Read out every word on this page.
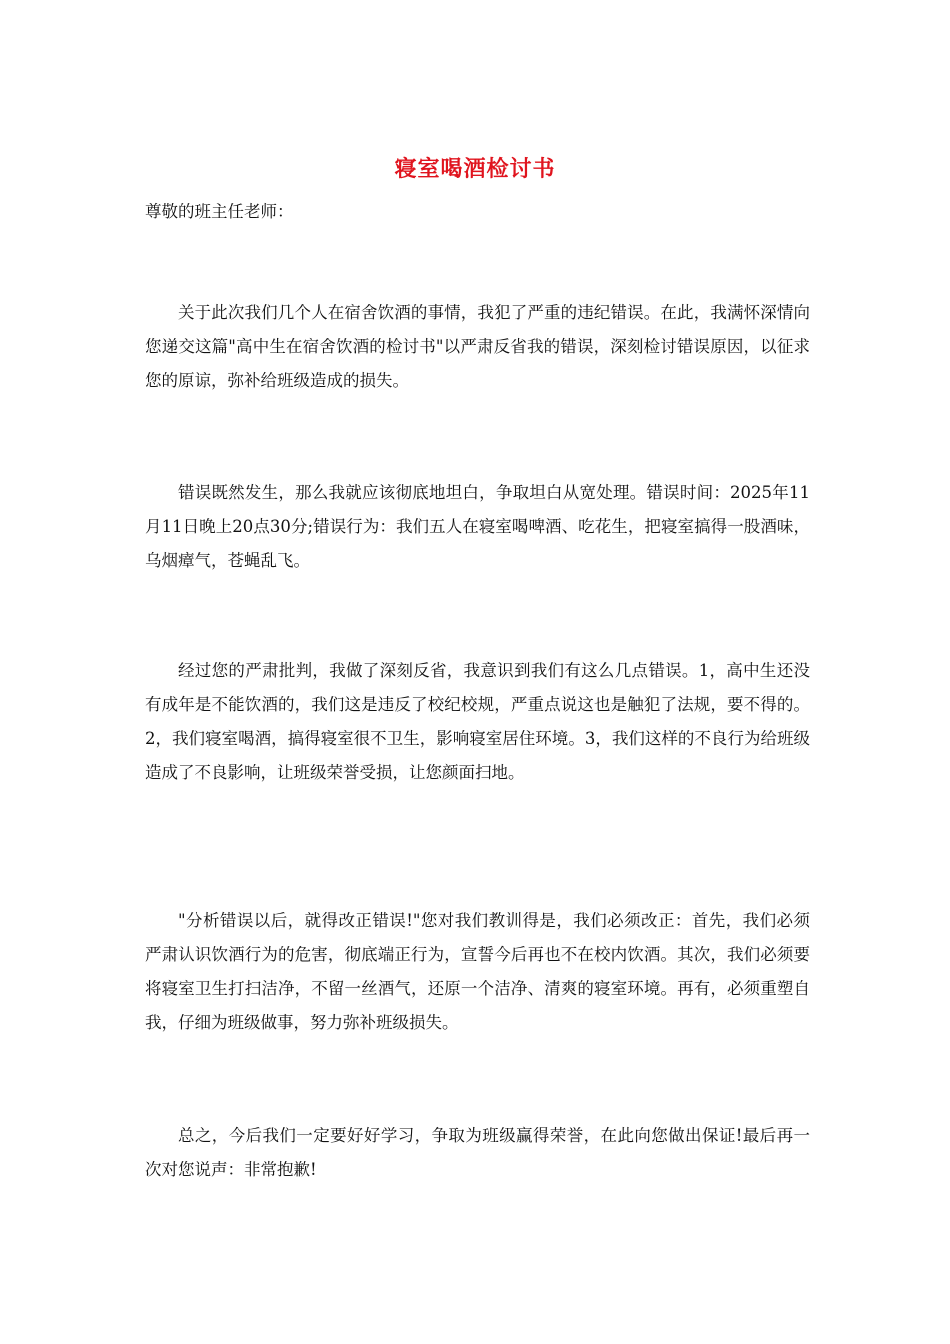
寝室喝酒检讨书
尊敬的班主任老师：

关于此次我们几个人在宿舍饮酒的事情，我犯了严重的违纪错误。在此，我满怀深情向您递交这篇"高中生在宿舍饮酒的检讨书"以严肃反省我的错误，深刻检讨错误原因，以征求您的原谅，弥补给班级造成的损失。

错误既然发生，那么我就应该彻底地坦白，争取坦白从宽处理。错误时间：2025年11月11日晚上20点30分;错误行为：我们五人在寝室喝啤酒、吃花生，把寝室搞得一股酒味，乌烟瘴气，苍蝇乱飞。

经过您的严肃批判，我做了深刻反省，我意识到我们有这么几点错误。1，高中生还没有成年是不能饮酒的，我们这是违反了校纪校规，严重点说这也是触犯了法规，要不得的。2，我们寝室喝酒，搞得寝室很不卫生，影响寝室居住环境。3，我们这样的不良行为给班级造成了不良影响，让班级荣誉受损，让您颜面扫地。

"分析错误以后，就得改正错误!"您对我们教训得是，我们必须改正：首先，我们必须严肃认识饮酒行为的危害，彻底端正行为，宣誓今后再也不在校内饮酒。其次，我们必须要将寝室卫生打扫洁净，不留一丝酒气，还原一个洁净、清爽的寝室环境。再有，必须重塑自我，仔细为班级做事，努力弥补班级损失。

总之，今后我们一定要好好学习，争取为班级赢得荣誉，在此向您做出保证!最后再一次对您说声：非常抱歉!
